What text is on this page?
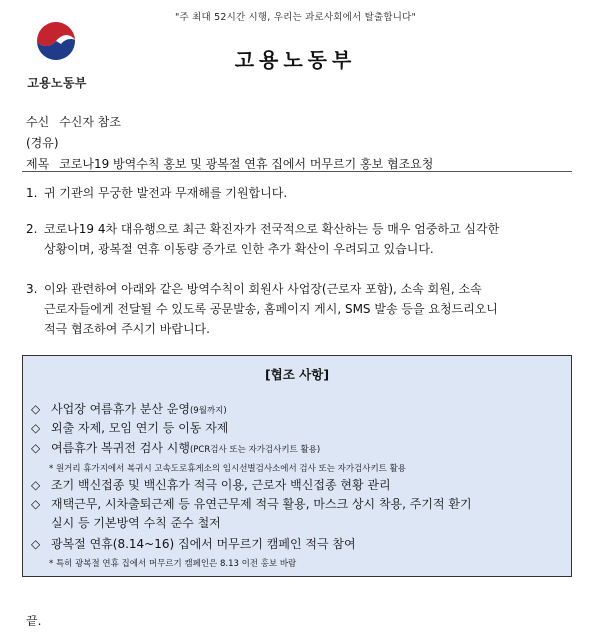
"주 최대 52시간 시행, 우리는 과로사회에서 탈출합니다"
고용노동부
고용노동부
수신 수신자 참조
(경유)
제목 코로나19 방역수칙 홍보 및 광복절 연휴 집에서 머무르기 홍보 협조요청
1. 귀 기관의 무궁한 발전과 무재해를 기원합니다.
2. 코로나19 4차 대유행으로 최근 확진자가 전국적으로 확산하는 등 매우 엄중하고 심각한
상황이며, 광복절 연휴 이동량 증가로 인한 추가 확산이 우려되고 있습니다.
3. 이와 관련하여 아래와 같은 방역수칙이 회원사 사업장(근로자 포함), 소속 회원, 소속
근로자들에게 전달될 수 있도록 공문발송, 홈페이지 게시, SMS 발송 등을 요청드리오니
적극 협조하여 주시기 바랍니다.
[협조 사항]
◇ 사업장 여름휴가 분산 운영(9월까지)
◇ 외출 자제, 모임 연기 등 이동 자제
◇ 여름휴가 복귀전 검사 시행(PCR검사 또는 자가검사키트 활용)
* 원거리 휴가지에서 복귀시 고속도로휴게소의 임시선별검사소에서 검사 또는 자가검사키트 활용
◇ 조기 백신접종 및 백신휴가 적극 이용, 근로자 백신접종 현황 관리
◇ 재택근무, 시차출퇴근제 등 유연근무제 적극 활용, 마스크 상시 착용, 주기적 환기
실시 등 기본방역 수칙 준수 철저
◇ 광복절 연휴(8.14~16) 집에서 머무르기 캠페인 적극 참여
* 특히 광복절 연휴 집에서 머무르기 캠페인은 8.13 이전 홍보 바람
끝.
